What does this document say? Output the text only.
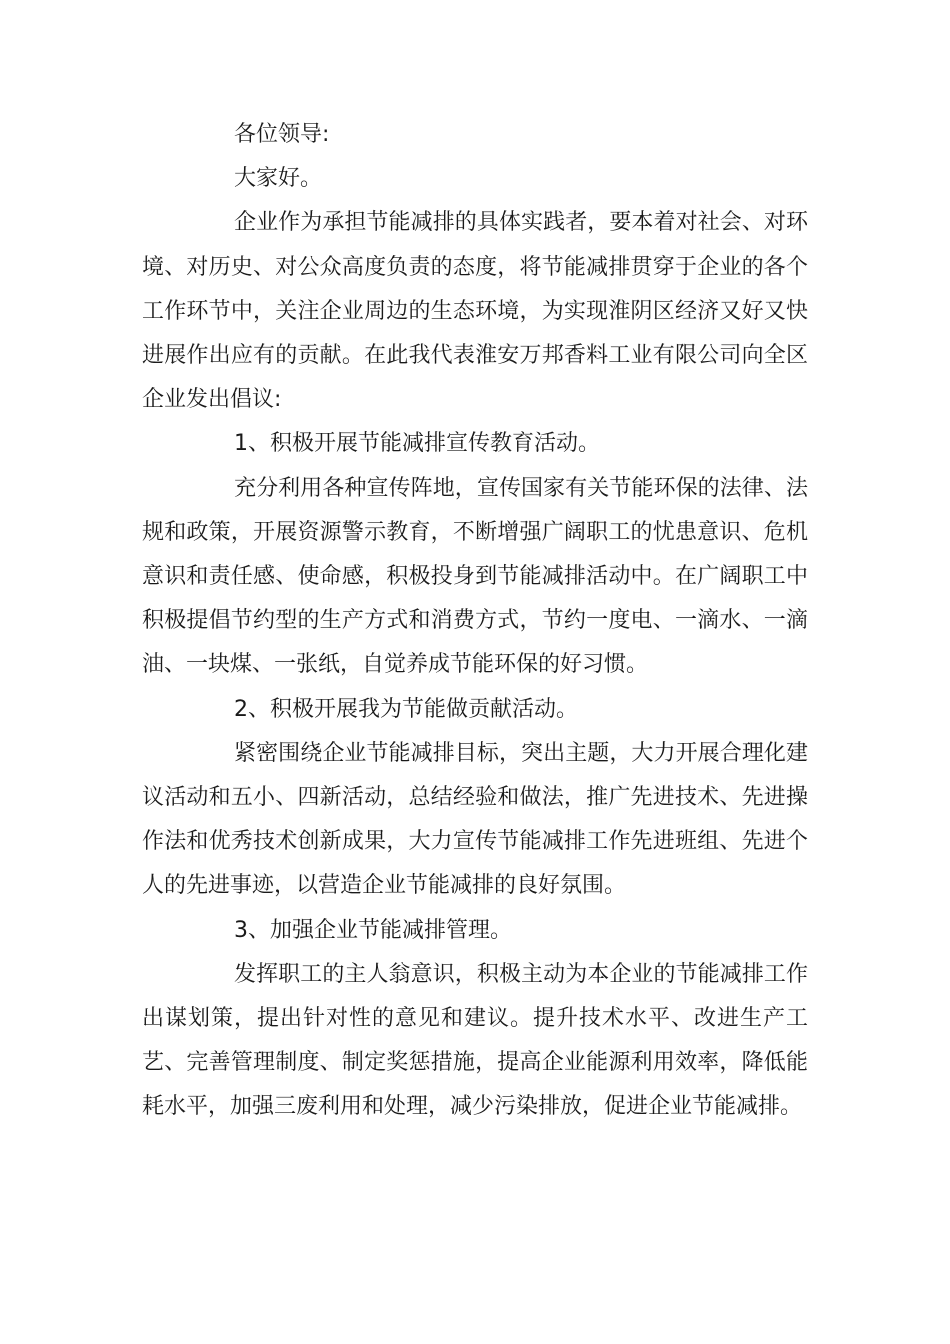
各位领导:

大家好。

企业作为承担节能减排的具体实践者，要本着对社会、对环境、对历史、对公众高度负责的态度，将节能减排贯穿于企业的各个工作环节中，关注企业周边的生态环境，为实现淮阴区经济又好又快进展作出应有的贡献。在此我代表淮安万邦香料工业有限公司向全区企业发出倡议:

1、积极开展节能减排宣传教育活动。

充分利用各种宣传阵地，宣传国家有关节能环保的法律、法规和政策，开展资源警示教育，不断增强广阔职工的忧患意识、危机意识和责任感、使命感，积极投身到节能减排活动中。在广阔职工中积极提倡节约型的生产方式和消费方式，节约一度电、一滴水、一滴油、一块煤、一张纸，自觉养成节能环保的好习惯。

2、积极开展我为节能做贡献活动。

紧密围绕企业节能减排目标，突出主题，大力开展合理化建议活动和五小、四新活动，总结经验和做法，推广先进技术、先进操作法和优秀技术创新成果，大力宣传节能减排工作先进班组、先进个人的先进事迹，以营造企业节能减排的良好氛围。

3、加强企业节能减排管理。

发挥职工的主人翁意识，积极主动为本企业的节能减排工作出谋划策，提出针对性的意见和建议。提升技术水平、改进生产工艺、完善管理制度、制定奖惩措施，提高企业能源利用效率，降低能耗水平，加强三废利用和处理，减少污染排放，促进企业节能减排。
